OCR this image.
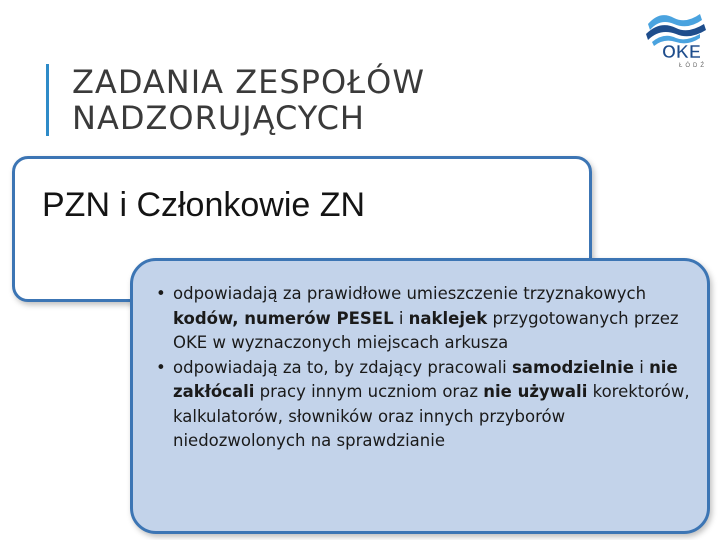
ZADANIA ZESPOŁÓW
NADZORUJĄCYCH
OKE
ŁÓDŹ
PZN i Członkowie ZN
• odpowiadają za prawidłowe umieszczenie trzyznakowych kodów, numerów PESEL i naklejek przygotowanych przez OKE w wyznaczonych miejscach arkusza
• odpowiadają za to, by zdający pracowali samodzielnie i nie zakłócali pracy innym uczniom oraz nie używali korektorów, kalkulatorów, słowników oraz innych przyborów niedozwolonych na sprawdzianie
